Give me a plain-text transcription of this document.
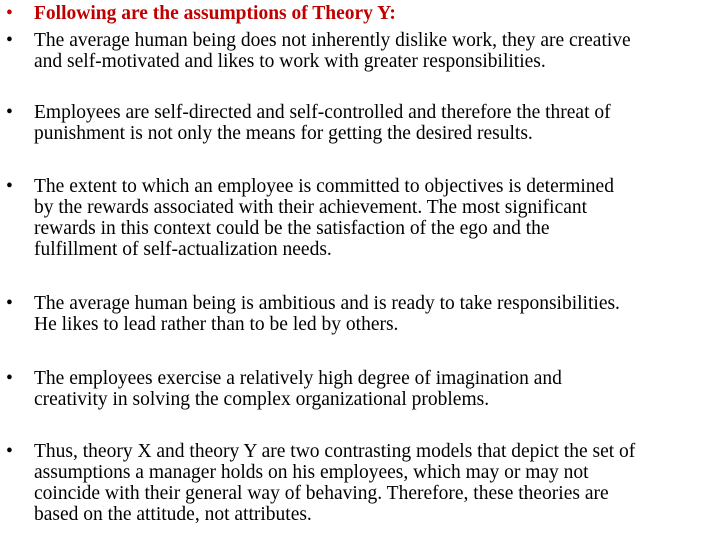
•	Following are the assumptions of Theory Y:
•	The average human being does not inherently dislike work, they are creative
and self-motivated and likes to work with greater responsibilities.
•	Employees are self-directed and self-controlled and therefore the threat of
punishment is not only the means for getting the desired results.
•	The extent to which an employee is committed to objectives is determined
by the rewards associated with their achievement. The most significant
rewards in this context could be the satisfaction of the ego and the
fulfillment of self-actualization needs.
•	The average human being is ambitious and is ready to take responsibilities.
He likes to lead rather than to be led by others.
•	The employees exercise a relatively high degree of imagination and
creativity in solving the complex organizational problems.
•	Thus, theory X and theory Y are two contrasting models that depict the set of
assumptions a manager holds on his employees, which may or may not
coincide with their general way of behaving. Therefore, these theories are
based on the attitude, not attributes.
